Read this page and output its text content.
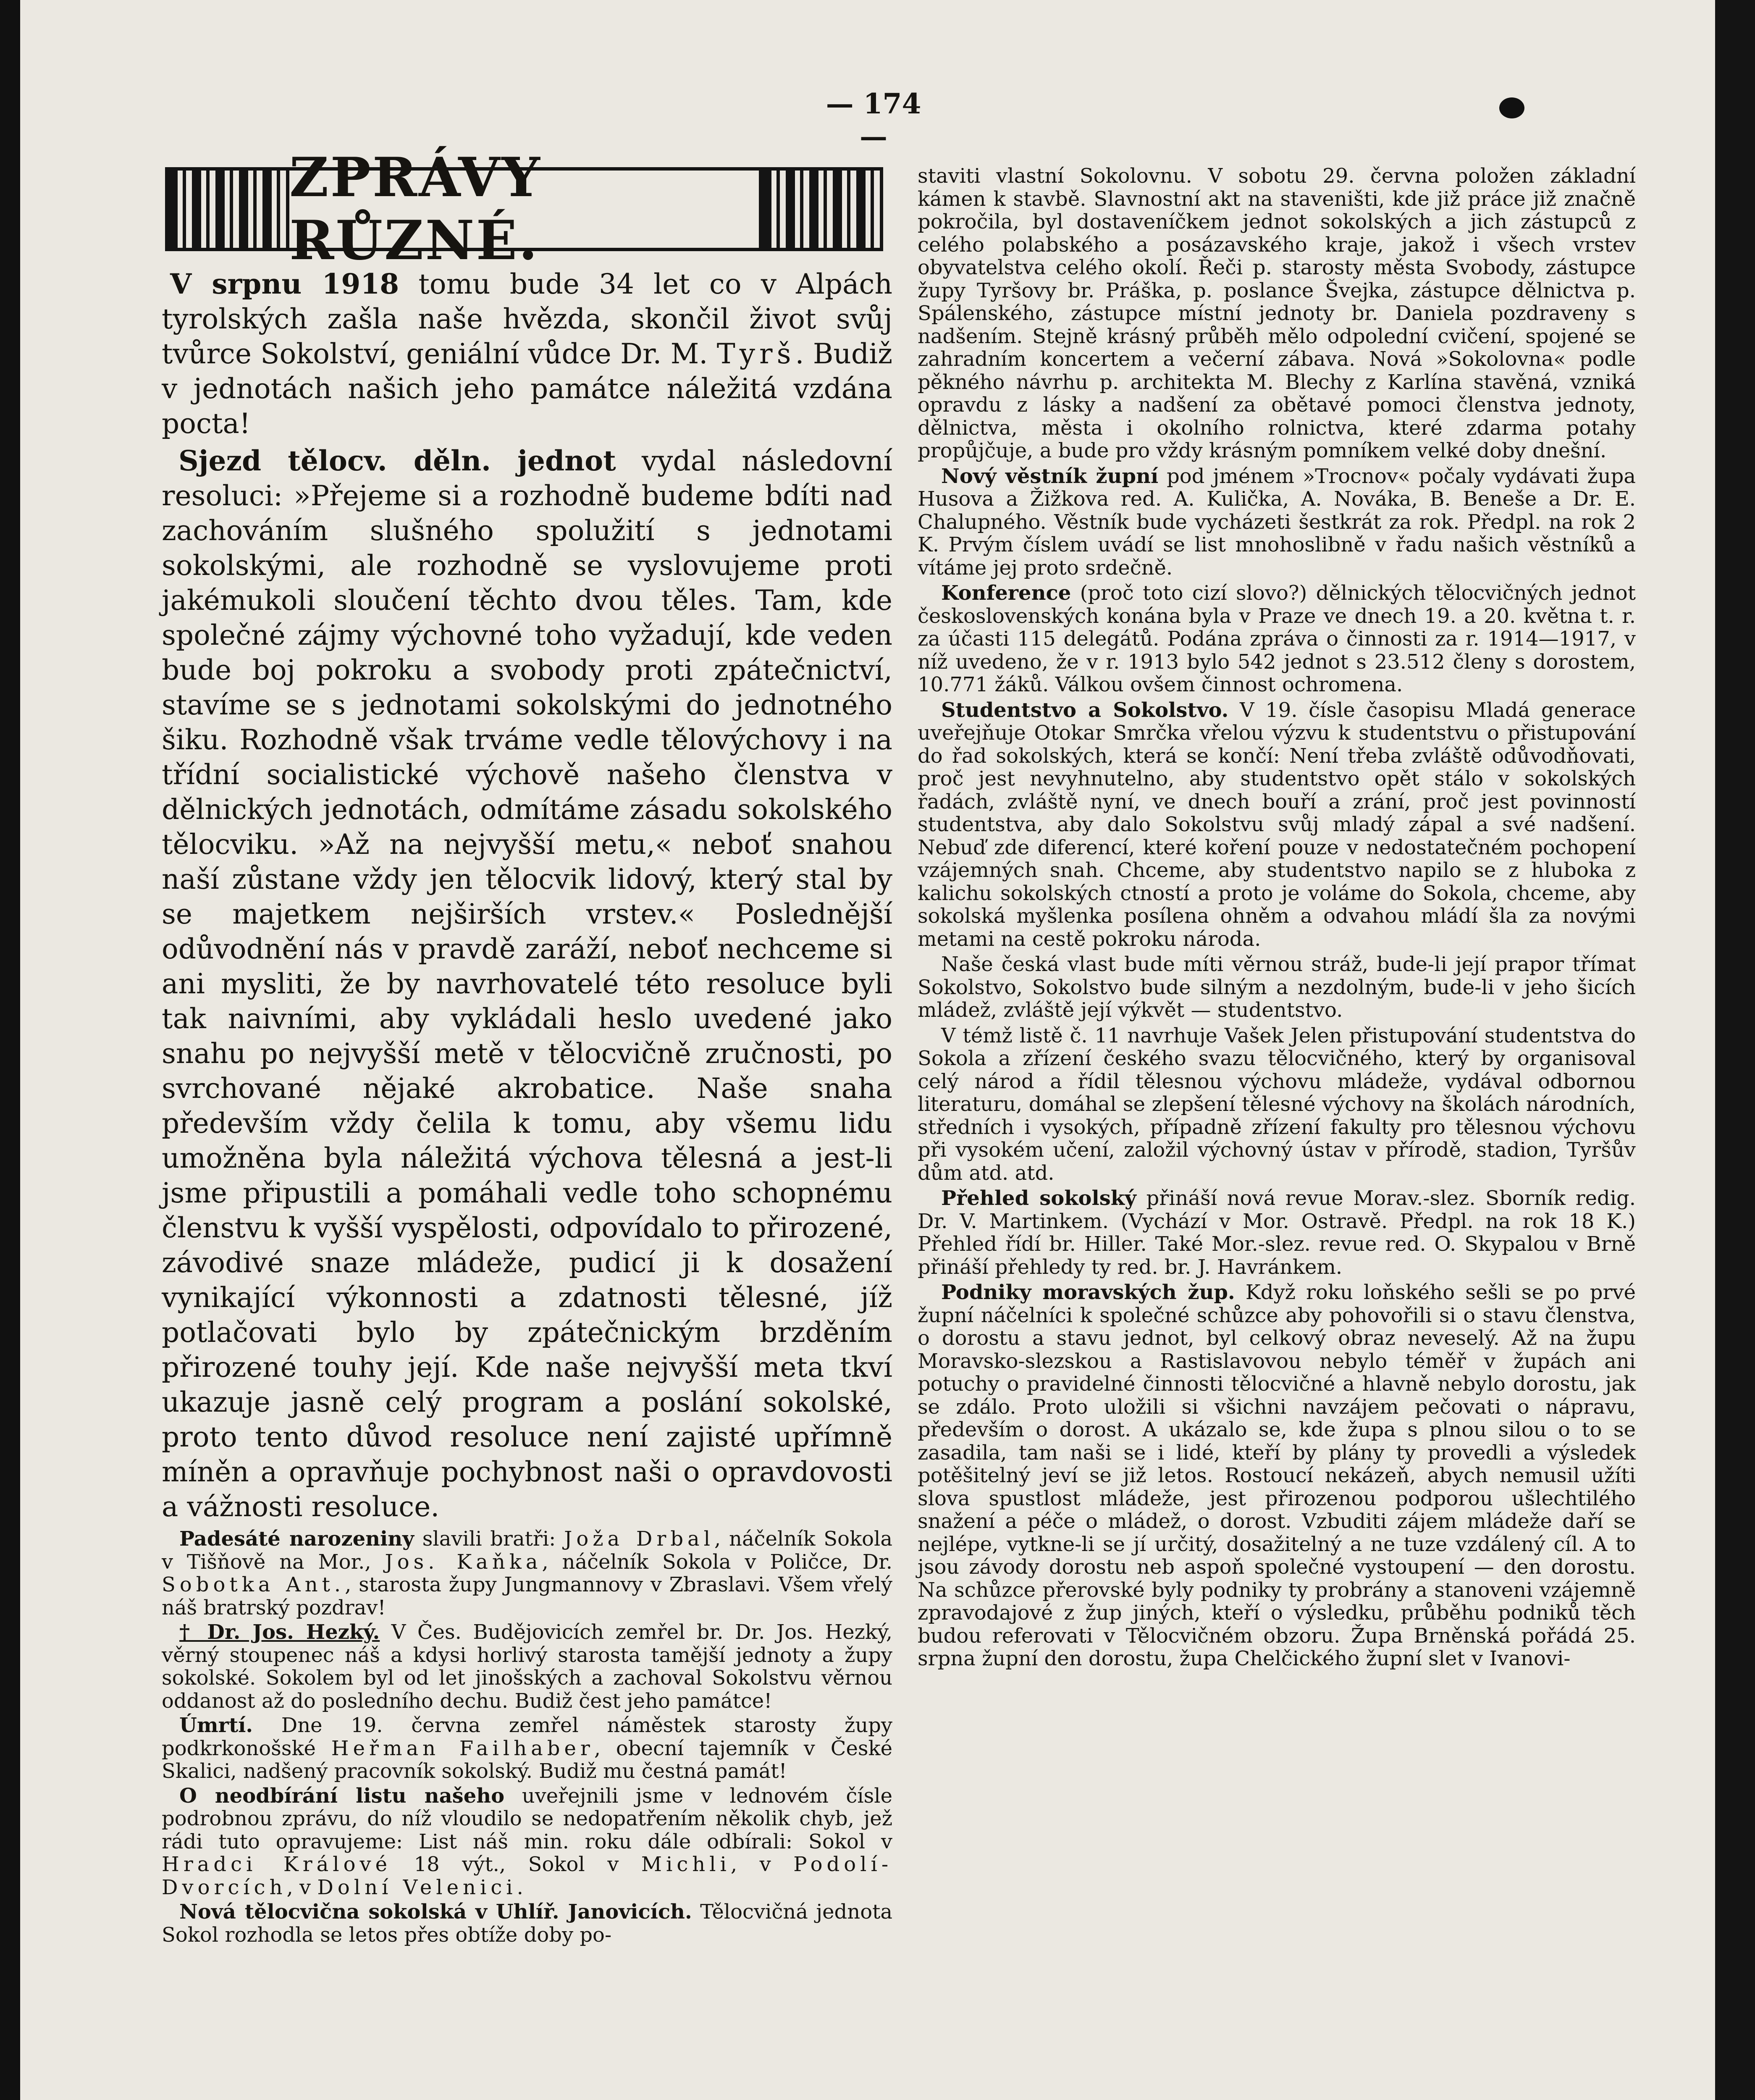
— 174 —
ZPRÁVY RŮZNÉ.

V srpnu 1918 tomu bude 34 let co v Alpách tyrolských zašla naše hvězda, skončil život svůj tvůrce Sokolství, geniální vůdce Dr. M. Tyrš. Budiž v jednotách našich jeho památce náležitá vzdána pocta!

Sjezd tělocv. děln. jednot vydal následovní resoluci: »Přejeme si a rozhodně budeme bdíti nad zachováním slušného spolužití s jednotami sokolskými, ale rozhodně se vyslovujeme proti jakémukoli sloučení těchto dvou těles. Tam, kde společné zájmy výchovné toho vyžadují, kde veden bude boj pokroku a svobody proti zpátečnictví, stavíme se s jednotami sokolskými do jednotného šiku. Rozhodně však trváme vedle tělovýchovy i na třídní socialistické výchově našeho členstva v dělnických jednotách, odmítáme zásadu sokolského tělocviku. »Až na nejvyšší metu,« neboť snahou naší zůstane vždy jen tělocvik lidový, který stal by se majetkem nejširších vrstev.« Poslednější odůvodnění nás v pravdě zaráží, neboť nechceme si ani mysliti, že by navrhovatelé této resoluce byli tak naivními, aby vykládali heslo uvedené jako snahu po nejvyšší metě v tělocvičně zručnosti, po svrchované nějaké akrobatice. Naše snaha především vždy čelila k tomu, aby všemu lidu umožněna byla náležitá výchova tělesná a jest-li jsme připustili a pomáhali vedle toho schopnému členstvu k vyšší vyspělosti, odpovídalo to přirozené, závodivé snaze mládeže, pudicí ji k dosažení vynikající výkonnosti a zdatnosti tělesné, jíž potlačovati bylo by zpátečnickým brzděním přirozené touhy její. Kde naše nejvyšší meta tkví ukazuje jasně celý program a poslání sokolské, proto tento důvod resoluce není zajisté upřímně míněn a opravňuje pochybnost naši o opravdovosti a vážnosti resoluce.

Padesáté narozeniny slavili bratři: Joža Drbal, náčelník Sokola v Tišňově na Mor., Jos. Kaňka, náčelník Sokola v Poličce, Dr. Sobotka Ant., starosta župy Jungmannovy v Zbraslavi. Všem vřelý náš bratrský pozdrav!

† Dr. Jos. Hezký. V Čes. Budějovicích zemřel br. Dr. Jos. Hezký, věrný stoupenec náš a kdysi horlivý starosta tamější jednoty a župy sokolské. Sokolem byl od let jinošských a zachoval Sokolstvu věrnou oddanost až do posledního dechu. Budiž čest jeho památce!

Úmrtí. Dne 19. června zemřel náměstek starosty župy podkrkonošské Heřman Failhaber, obecní tajemník v České Skalici, nadšený pracovník sokolský. Budiž mu čestná památ!

O neodbírání listu našeho uveřejnili jsme v lednovém čísle podrobnou zprávu, do níž vloudilo se nedopatřením několik chyb, jež rádi tuto opravujeme: List náš min. roku dále odbírali: Sokol v Hradci Králové 18 výt., Sokol v Michli, v Podolí-Dvorcích, v Dolní Velenici.

Nová tělocvična sokolská v Uhlíř. Janovicích. Tělocvičná jednota Sokol rozhodla se letos přes obtíže doby po-

staviti vlastní Sokolovnu. V sobotu 29. června položen základní kámen k stavbě. Slavnostní akt na staveništi, kde již práce již značně pokročila, byl dostaveníčkem jednot sokolských a jich zástupců z celého polabského a posázavského kraje, jakož i všech vrstev obyvatelstva celého okolí. Řeči p. starosty města Svobody, zástupce župy Tyršovy br. Práška, p. poslance Švejka, zástupce dělnictva p. Spálenského, zástupce místní jednoty br. Daniela pozdraveny s nadšením. Stejně krásný průběh mělo odpolední cvičení, spojené se zahradním koncertem a večerní zábava. Nová »Sokolovna« podle pěkného návrhu p. architekta M. Blechy z Karlína stavěná, vzniká opravdu z lásky a nadšení za obětavé pomoci členstva jednoty, dělnictva, města i okolního rolnictva, které zdarma potahy propůjčuje, a bude pro vždy krásným pomníkem velké doby dnešní.

Nový věstník župní pod jménem »Trocnov« počaly vydávati župa Husova a Žižkova red. A. Kulička, A. Nováka, B. Beneše a Dr. E. Chalupného. Věstník bude vycházeti šestkrát za rok. Předpl. na rok 2 K. Prvým číslem uvádí se list mnohoslibně v řadu našich věstníků a vítáme jej proto srdečně.

Konference (proč toto cizí slovo?) dělnických tělocvičných jednot československých konána byla v Praze ve dnech 19. a 20. května t. r. za účasti 115 delegátů. Podána zpráva o činnosti za r. 1914—1917, v níž uvedeno, že v r. 1913 bylo 542 jednot s 23.512 členy s dorostem, 10.771 žáků. Válkou ovšem činnost ochromena.

Studentstvo a Sokolstvo. V 19. čísle časopisu Mladá generace uveřejňuje Otokar Smrčka vřelou výzvu k studentstvu o přistupování do řad sokolských, která se končí: Není třeba zvláště odůvodňovati, proč jest nevyhnutelno, aby studentstvo opět stálo v sokolských řadách, zvláště nyní, ve dnech bouří a zrání, proč jest povinností studentstva, aby dalo Sokolstvu svůj mladý zápal a své nadšení. Nebuď zde diferencí, které koření pouze v nedostatečném pochopení vzájemných snah. Chceme, aby studentstvo napilo se z hluboka z kalichu sokolských ctností a proto je voláme do Sokola, chceme, aby sokolská myšlenka posílena ohněm a odvahou mládí šla za novými metami na cestě pokroku národa.

Naše česká vlast bude míti věrnou stráž, bude-li její prapor třímat Sokolstvo, Sokolstvo bude silným a nezdolným, bude-li v jeho šicích mládež, zvláště její výkvět — studentstvo.

V témž listě č. 11 navrhuje Vašek Jelen přistupování studentstva do Sokola a zřízení českého svazu tělocvičného, který by organisoval celý národ a řídil tělesnou výchovu mládeže, vydával odbornou literaturu, domáhal se zlepšení tělesné výchovy na školách národních, středních i vysokých, případně zřízení fakulty pro tělesnou výchovu při vysokém učení, založil výchovný ústav v přírodě, stadion, Tyršův dům atd. atd.

Přehled sokolský přináší nová revue Morav.-slez. Sborník redig. Dr. V. Martinkem. (Vychází v Mor. Ostravě. Předpl. na rok 18 K.) Přehled řídí br. Hiller. Také Mor.-slez. revue red. O. Skypalou v Brně přináší přehledy ty red. br. J. Havránkem.

Podniky moravských žup. Když roku loňského sešli se po prvé župní náčelníci k společné schůzce aby pohovořili si o stavu členstva, o dorostu a stavu jednot, byl celkový obraz neveselý. Až na župu Moravsko-slezskou a Rastislavovou nebylo téměř v župách ani potuchy o pravidelné činnosti tělocvičné a hlavně nebylo dorostu, jak se zdálo. Proto uložili si všichni navzájem pečovati o nápravu, především o dorost. A ukázalo se, kde župa s plnou silou o to se zasadila, tam naši se i lidé, kteří by plány ty provedli a výsledek potěšitelný jeví se již letos. Rostoucí nekázeň, abych nemusil užíti slova spustlost mládeže, jest přirozenou podporou ušlechtilého snažení a péče o mládež, o dorost. Vzbuditi zájem mládeže daří se nejlépe, vytkne-li se jí určitý, dosažitelný a ne tuze vzdálený cíl. A to jsou závody dorostu neb aspoň společné vystoupení — den dorostu. Na schůzce přerovské byly podniky ty probrány a stanoveni vzájemně zpravodajové z žup jiných, kteří o výsledku, průběhu podniků těch budou referovati v Tělocvičném obzoru. Župa Brněnská pořádá 25. srpna župní den dorostu, župa Chelčického župní slet v Ivanovi-
